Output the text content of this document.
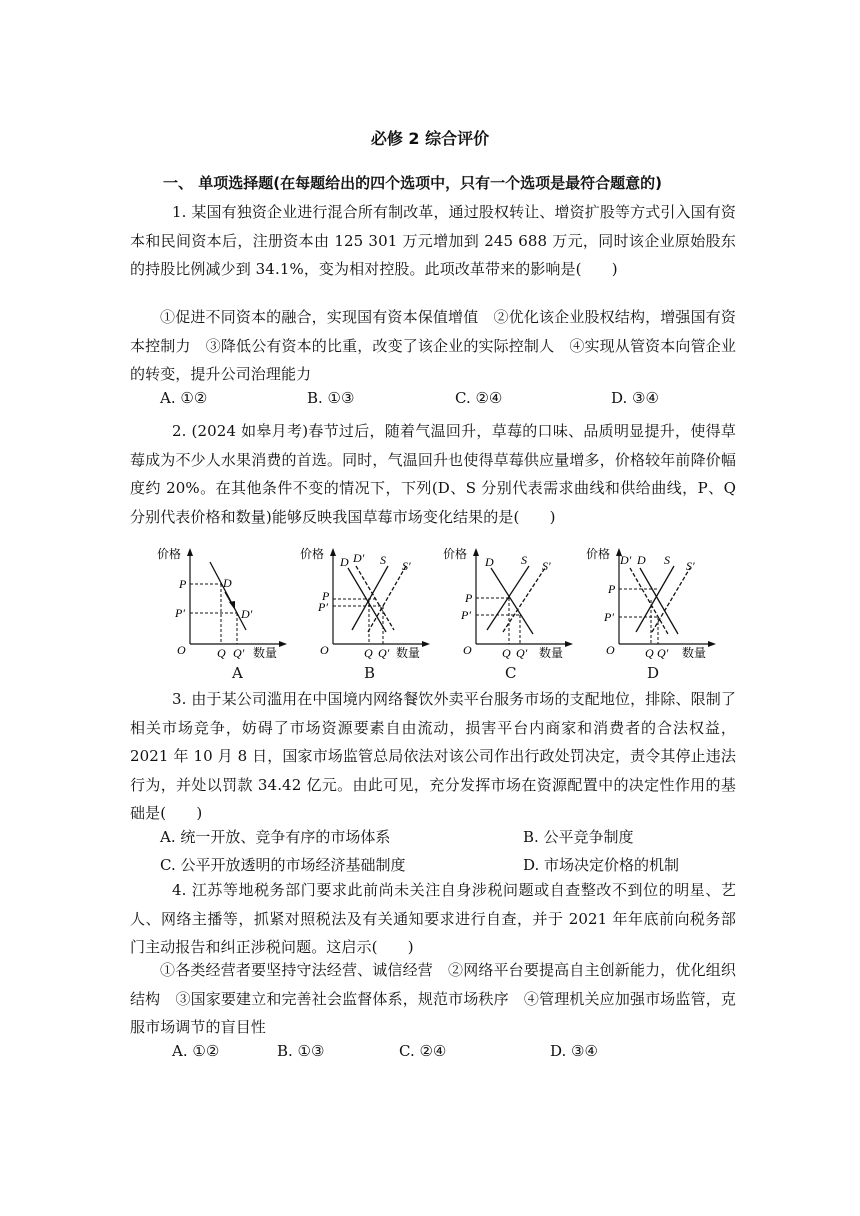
必修 2 综合评价
一、 单项选择题(在每题给出的四个选项中，只有一个选项是最符合题意的)
1. 某国有独资企业进行混合所有制改革，通过股权转让、增资扩股等方式引入国有资本和民间资本后，注册资本由 125 301 万元增加到 245 688 万元，同时该企业原始股东的持股比例减少到 34.1%，变为相对控股。此项改革带来的影响是(　　)
①促进不同资本的融合，实现国有资本保值增值　②优化该企业股权结构，增强国有资本控制力　③降低公有资本的比重，改变了该企业的实际控制人　④实现从管资本向管企业的转变，提升公司治理能力
A. ①②	B. ①③	C. ②④	D. ③④
2. (2024 如皋月考)春节过后，随着气温回升，草莓的口味、品质明显提升，使得草莓成为不少人水果消费的首选。同时，气温回升也使得草莓供应量增多，价格较年前降价幅度约 20%。在其他条件不变的情况下，下列(D、S 分别代表需求曲线和供给曲线，P、Q 分别代表价格和数量)能够反映我国草莓市场变化结果的是(　　)
价格
数量
O
P
P′
Q Q′
D
D′
价格
数量
O
P
P′
Q Q′
D D′ S S′
价格
数量
O
P
P′
Q Q′
D S S′
价格
数量
O
P
P′
Q Q′
D′ D S S′
A	B	C	D
3. 由于某公司滥用在中国境内网络餐饮外卖平台服务市场的支配地位，排除、限制了相关市场竞争，妨碍了市场资源要素自由流动，损害平台内商家和消费者的合法权益，2021 年 10 月 8 日，国家市场监管总局依法对该公司作出行政处罚决定，责令其停止违法行为，并处以罚款 34.42 亿元。由此可见，充分发挥市场在资源配置中的决定性作用的基础是(　　)
A. 统一开放、竞争有序的市场体系	B. 公平竞争制度
C. 公平开放透明的市场经济基础制度	D. 市场决定价格的机制
4. 江苏等地税务部门要求此前尚未关注自身涉税问题或自查整改不到位的明星、艺人、网络主播等，抓紧对照税法及有关通知要求进行自查，并于 2021 年年底前向税务部门主动报告和纠正涉税问题。这启示(　　)
①各类经营者要坚持守法经营、诚信经营　②网络平台要提高自主创新能力，优化组织结构　③国家要建立和完善社会监督体系，规范市场秩序　④管理机关应加强市场监管，克服市场调节的盲目性
A. ①②	B. ①③	C. ②④	D. ③④
